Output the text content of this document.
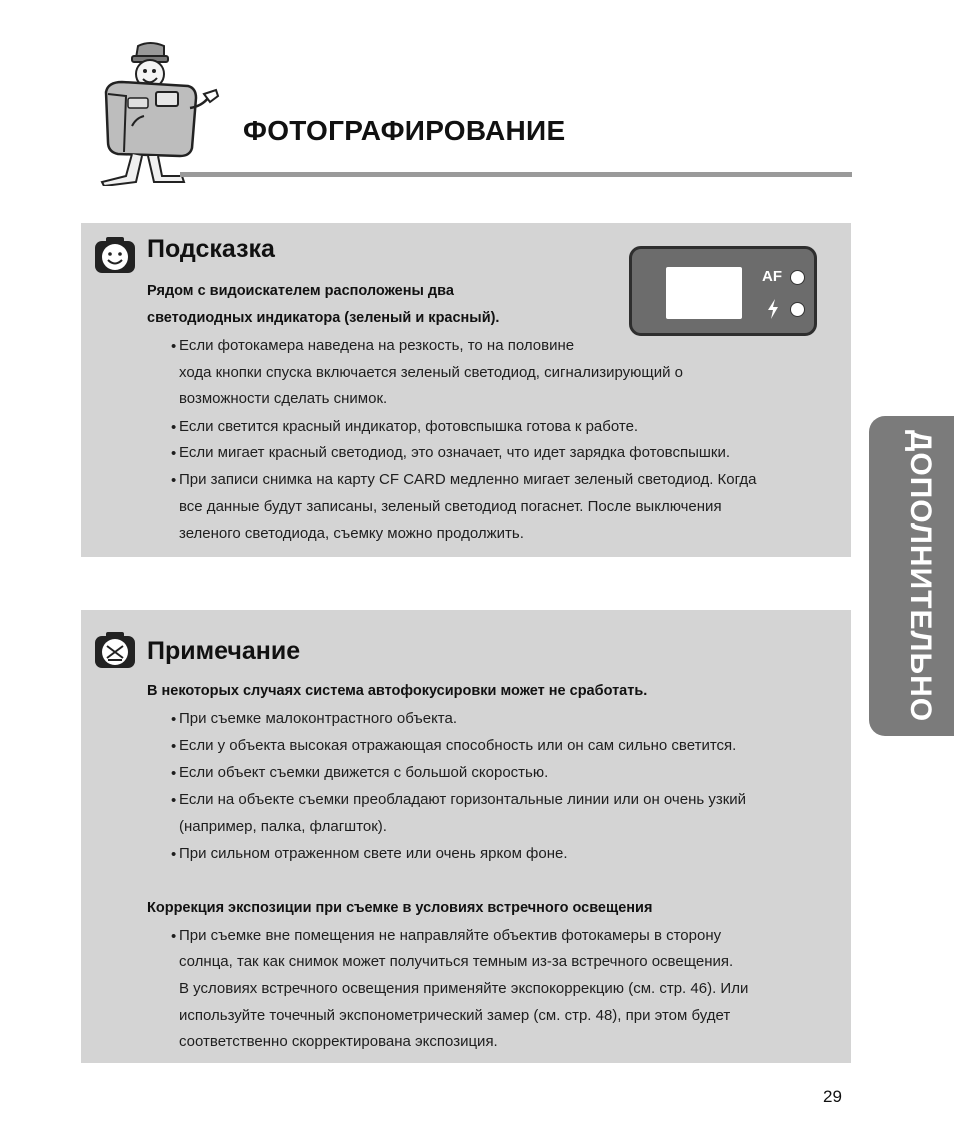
ФОТОГРАФИРОВАНИЕ
Подсказка
Рядом с видоискателем расположены два
светодиодных индикатора (зеленый и красный).
• Если фотокамера наведена на резкость, то на половине
хода кнопки спуска включается зеленый светодиод, сигнализирующий о
возможности сделать снимок.
• Если светится красный индикатор, фотовспышка готова к работе.
• Если мигает красный светодиод, это означает, что идет зарядка фотовспышки.
• При записи снимка на карту CF CARD медленно мигает зеленый светодиод. Когда
все данные будут записаны, зеленый светодиод погаснет. После выключения
зеленого светодиода, съемку можно продолжить.
AF
Примечание
В некоторых случаях система автофокусировки может не сработать.
• При съемке малоконтрастного объекта.
• Если у объекта высокая отражающая способность или он сам сильно светится.
• Если объект съемки движется с большой скоростью.
• Если на объекте съемки преобладают горизонтальные линии или он очень узкий
(например, палка, флагшток).
• При сильном отраженном свете или очень ярком фоне.
Коррекция экспозиции при съемке в условиях встречного освещения
• При съемке вне помещения не направляйте объектив фотокамеры в сторону
солнца, так как снимок может получиться темным из-за встречного освещения.
В условиях встречного освещения применяйте экспокоррекцию (см. стр. 46). Или
используйте точечный экспонометрический замер (см. стр. 48), при этом будет
соответственно скорректирована экспозиция.
ДОПОЛНИТЕЛЬНО
29
